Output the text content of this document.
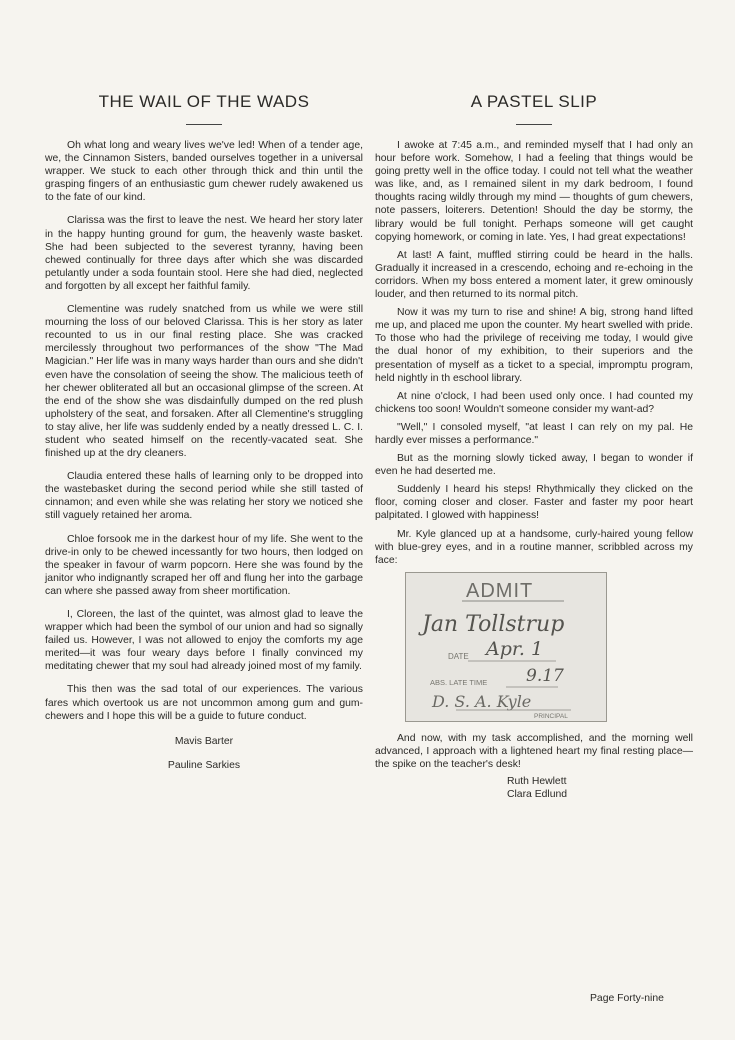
THE WAIL OF THE WADS

Oh what long and weary lives we've led! When of a tender age, we, the Cinnamon Sisters, banded ourselves together in a universal wrapper. We stuck to each other through thick and thin until the grasping fingers of an enthusiastic gum chewer rudely awakened us to the fate of our kind.

Clarissa was the first to leave the nest. We heard her story later in the happy hunting ground for gum, the heavenly waste basket. She had been subjected to the severest tyranny, having been chewed continually for three days after which she was discarded petulantly under a soda fountain stool. Here she had died, neglected and forgotten by all except her faithful family.

Clementine was rudely snatched from us while we were still mourning the loss of our beloved Clarissa. This is her story as later recounted to us in our final resting place. She was cracked mercilessly throughout two performances of the show "The Mad Magician." Her life was in many ways harder than ours and she didn't even have the consolation of seeing the show. The malicious teeth of her chewer obliterated all but an occasional glimpse of the screen. At the end of the show she was disdainfully dumped on the red plush upholstery of the seat, and forsaken. After all Clementine's struggling to stay alive, her life was suddenly ended by a neatly dressed L. C. I. student who seated himself on the recently-vacated seat. She finished up at the dry cleaners.

Claudia entered these halls of learning only to be dropped into the wastebasket during the second period while she still tasted of cinnamon; and even while she was relating her story we noticed she still vaguely retained her aroma.

Chloe forsook me in the darkest hour of my life. She went to the drive-in only to be chewed incessantly for two hours, then lodged on the speaker in favour of warm popcorn. Here she was found by the janitor who indignantly scraped her off and flung her into the garbage can where she passed away from sheer mortification.

I, Cloreen, the last of the quintet, was almost glad to leave the wrapper which had been the symbol of our union and had so signally failed us. However, I was not allowed to enjoy the comforts my age merited—it was four weary days before I finally convinced my meditating chewer that my soul had already joined most of my family.

This then was the sad total of our experiences. The various fares which overtook us are not uncommon among gum and gum-chewers and I hope this will be a guide to future conduct.

Mavis Barter
Pauline Sarkies
A PASTEL SLIP

I awoke at 7:45 a.m., and reminded myself that I had only an hour before work. Somehow, I had a feeling that things would be going pretty well in the office today. I could not tell what the weather was like, and, as I remained silent in my dark bedroom, I found thoughts racing wildly through my mind — thoughts of gum chewers, note passers, loiterers. Detention! Should the day be stormy, the library would be full tonight. Perhaps someone will get caught copying homework, or coming in late. Yes, I had great expectations!

At last! A faint, muffled stirring could be heard in the halls. Gradually it increased in a crescendo, echoing and re-echoing in the corridors. When my boss entered a moment later, it grew ominously louder, and then returned to its normal pitch.

Now it was my turn to rise and shine! A big, strong hand lifted me up, and placed me upon the counter. My heart swelled with pride. To those who had the privilege of receiving me today, I would give the dual honor of my exhibition, to their superiors and the presentation of myself as a ticket to a special, impromptu program, held nightly in th eschool library.

At nine o'clock, I had been used only once. I had counted my chickens too soon! Wouldn't someone consider my want-ad?

"Well," I consoled myself, "at least I can rely on my pal. He hardly ever misses a performance."

But as the morning slowly ticked away, I began to wonder if even he had deserted me.

Suddenly I heard his steps! Rhythmically they clicked on the floor, coming closer and closer. Faster and faster my poor heart palpitated. I glowed with happiness!

Mr. Kyle glanced up at a handsome, curly-haired young fellow with blue-grey eyes, and in a routine manner, scribbled across my face:

ADMIT
Jan Tollstrup
DATE Apr. 1
ABS. LATE TIME 9.17
D. S. A. Kyle
PRINCIPAL

And now, with my task accomplished, and the morning well advanced, I approach with a lightened heart my final resting place—the spike on the teacher's desk!

Ruth Hewlett
Clara Edlund
Page Forty-nine
